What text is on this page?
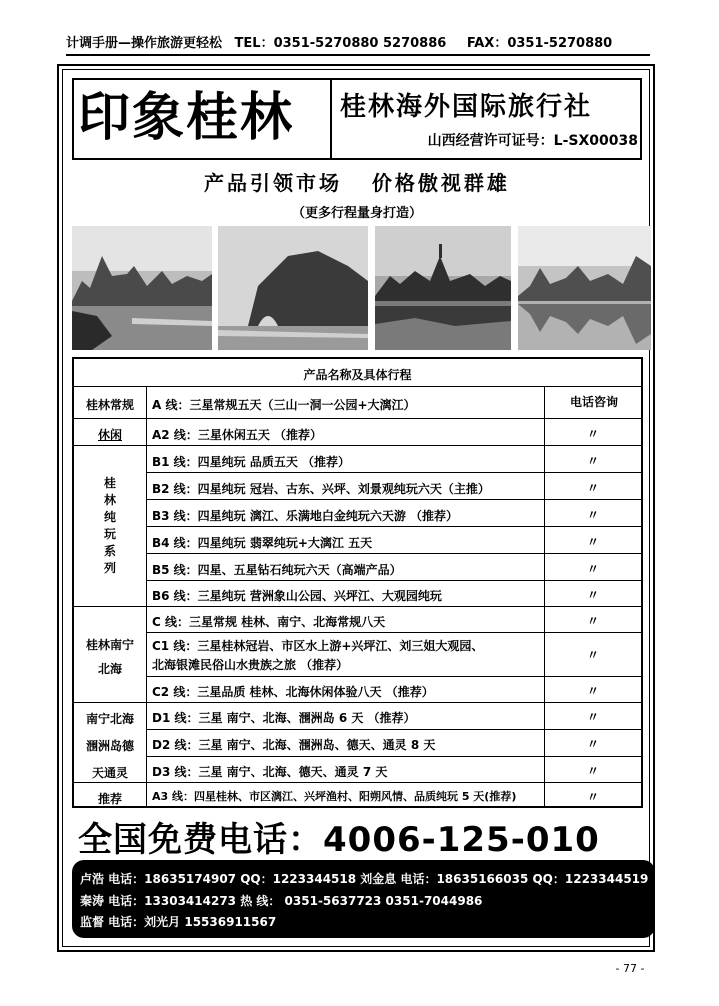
计调手册—操作旅游更轻松 TEL：0351-5270880 5270886 FAX：0351-5270880
印象桂林	桂林海外国际旅行社
山西经营许可证号：L-SX00038
产品引领市场   价格傲视群雄
（更多行程量身打造）
产品名称及具体行程
桂林常规
休闲
桂
林
纯
玩
系
列
桂林南宁
北海
南宁北海
涠洲岛德
天通灵
推荐
A 线：三星常规五天（三山一洞一公园+大漓江）	电话咨询
A2 线：三星休闲五天 （推荐）
B1 线：四星纯玩 品质五天 （推荐）
B2 线：四星纯玩 冠岩、古东、兴坪、刘景观纯玩六天（主推）
B3 线：四星纯玩 漓江、乐满地白金纯玩六天游 （推荐）
B4 线：四星纯玩 翡翠纯玩+大漓江 五天
B5 线：四星、五星钻石纯玩六天（高端产品）
B6 线：三星纯玩 营洲象山公园、兴坪江、大观园纯玩
C 线：三星常规 桂林、南宁、北海常规八天
C1 线：三星桂林冠岩、市区水上游+兴坪江、刘三姐大观园、
北海银滩民俗山水贵族之旅 （推荐）
C2 线：三星品质 桂林、北海休闲体验八天 （推荐）
D1 线：三星 南宁、北海、涠洲岛 6 天 （推荐）
D2 线：三星 南宁、北海、涠洲岛、德天、通灵 8 天
D3 线：三星 南宁、北海、德天、通灵 7 天
A3 线：四星桂林、市区漓江、兴坪渔村、阳朔风情、品质纯玩 5 天(推荐)
〃
〃
〃
〃
〃
〃
〃
〃
〃
〃
〃
〃
〃
〃
全国免费电话：4006-125-010
卢浩 电话：18635174907 QQ：1223344518 刘金息 电话：18635166035 QQ：1223344519
秦涛 电话：13303414273 热 线： 0351-5637723 0351-7044986
监督 电话：刘光月 15536911567
- 77 -
